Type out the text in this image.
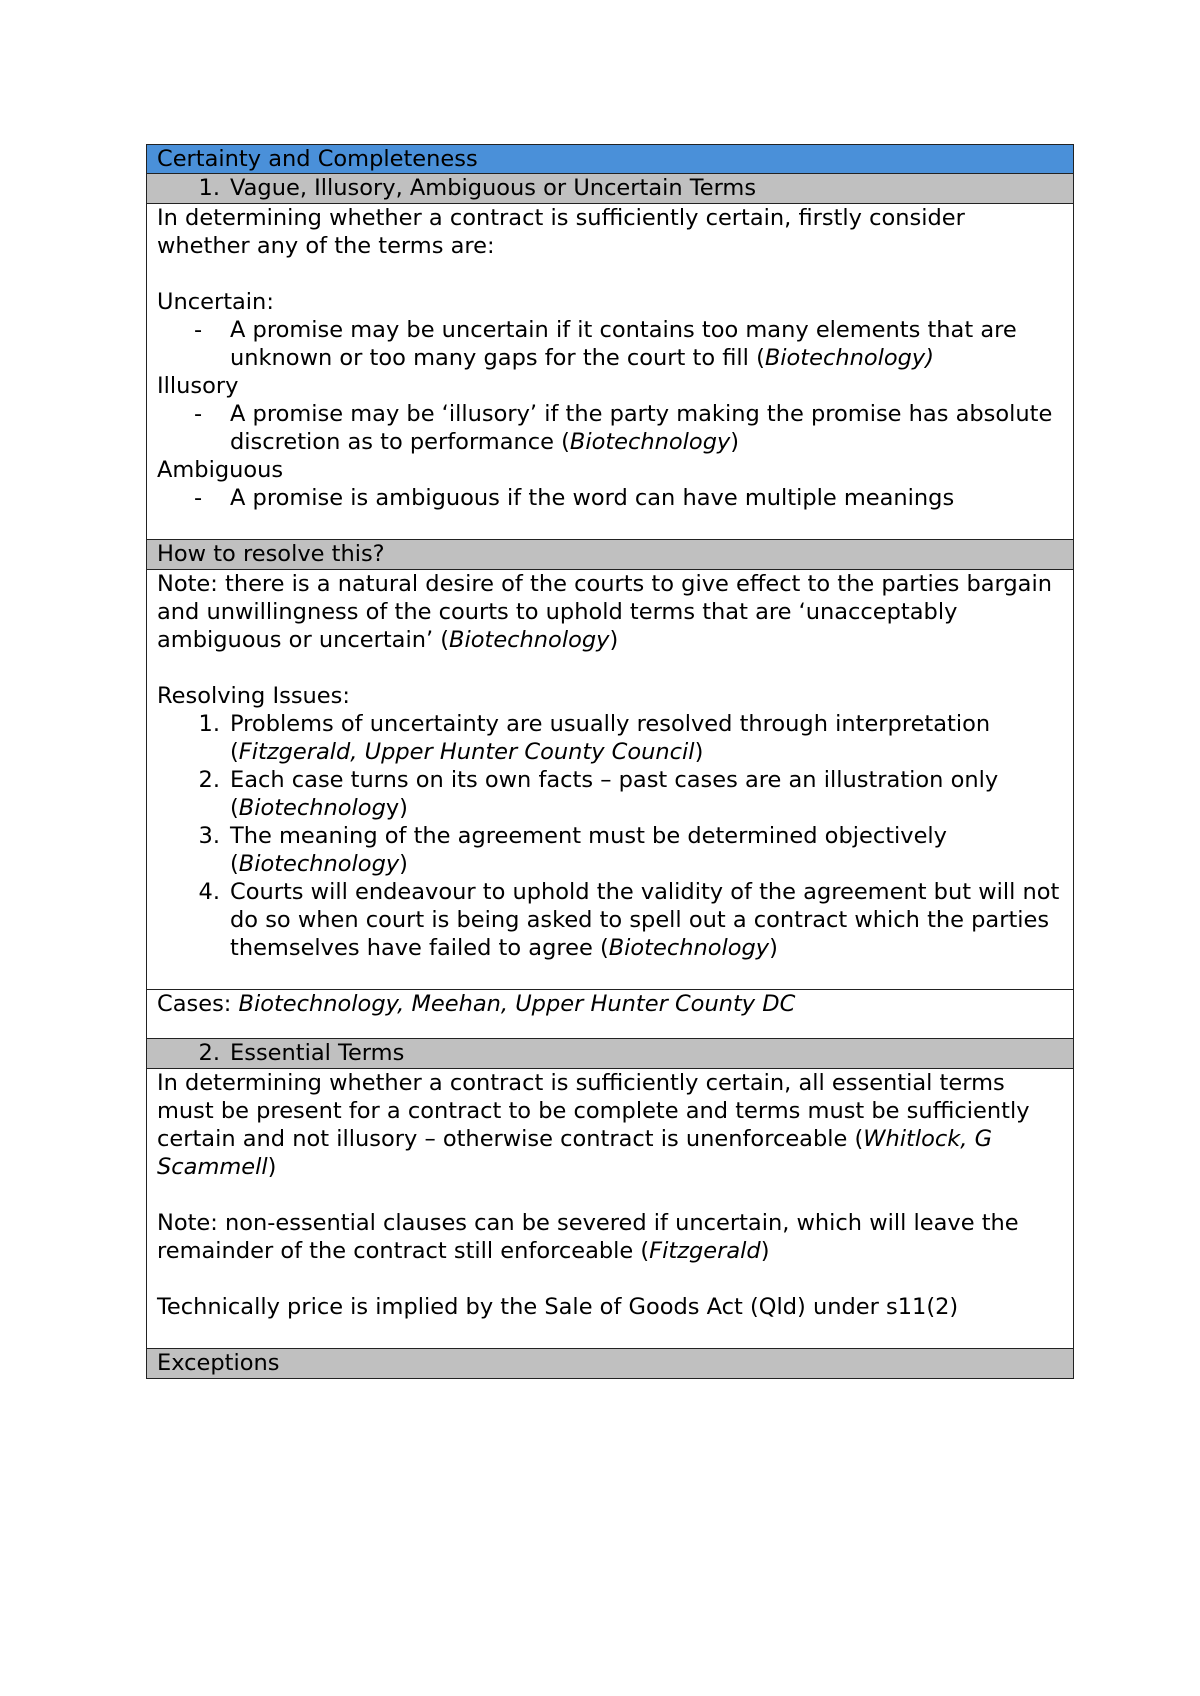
Certainty and Completeness
1. Vague, Illusory, Ambiguous or Uncertain Terms

In determining whether a contract is sufficiently certain, firstly consider whether any of the terms are:

Uncertain:

-	A promise may be uncertain if it contains too many elements that are unknown or too many gaps for the court to fill (Biotechnology)

Illusory

-	A promise may be ‘illusory’ if the party making the promise has absolute discretion as to performance (Biotechnology)

Ambiguous

-	A promise is ambiguous if the word can have multiple meanings

How to resolve this?

Note: there is a natural desire of the courts to give effect to the parties bargain and unwillingness of the courts to uphold terms that are ‘unacceptably ambiguous or uncertain’ (Biotechnology)

Resolving Issues:

1. Problems of uncertainty are usually resolved through interpretation (Fitzgerald, Upper Hunter County Council)
2. Each case turns on its own facts – past cases are an illustration only (Biotechnology)
3. The meaning of the agreement must be determined objectively (Biotechnology)
4. Courts will endeavour to uphold the validity of the agreement but will not do so when court is being asked to spell out a contract which the parties themselves have failed to agree (Biotechnology)

Cases: Biotechnology, Meehan, Upper Hunter County DC
2. Essential Terms

In determining whether a contract is sufficiently certain, all essential terms must be present for a contract to be complete and terms must be sufficiently certain and not illusory – otherwise contract is unenforceable (Whitlock, G Scammell)

Note: non-essential clauses can be severed if uncertain, which will leave the remainder of the contract still enforceable (Fitzgerald)

Technically price is implied by the Sale of Goods Act (Qld) under s11(2)

Exceptions
